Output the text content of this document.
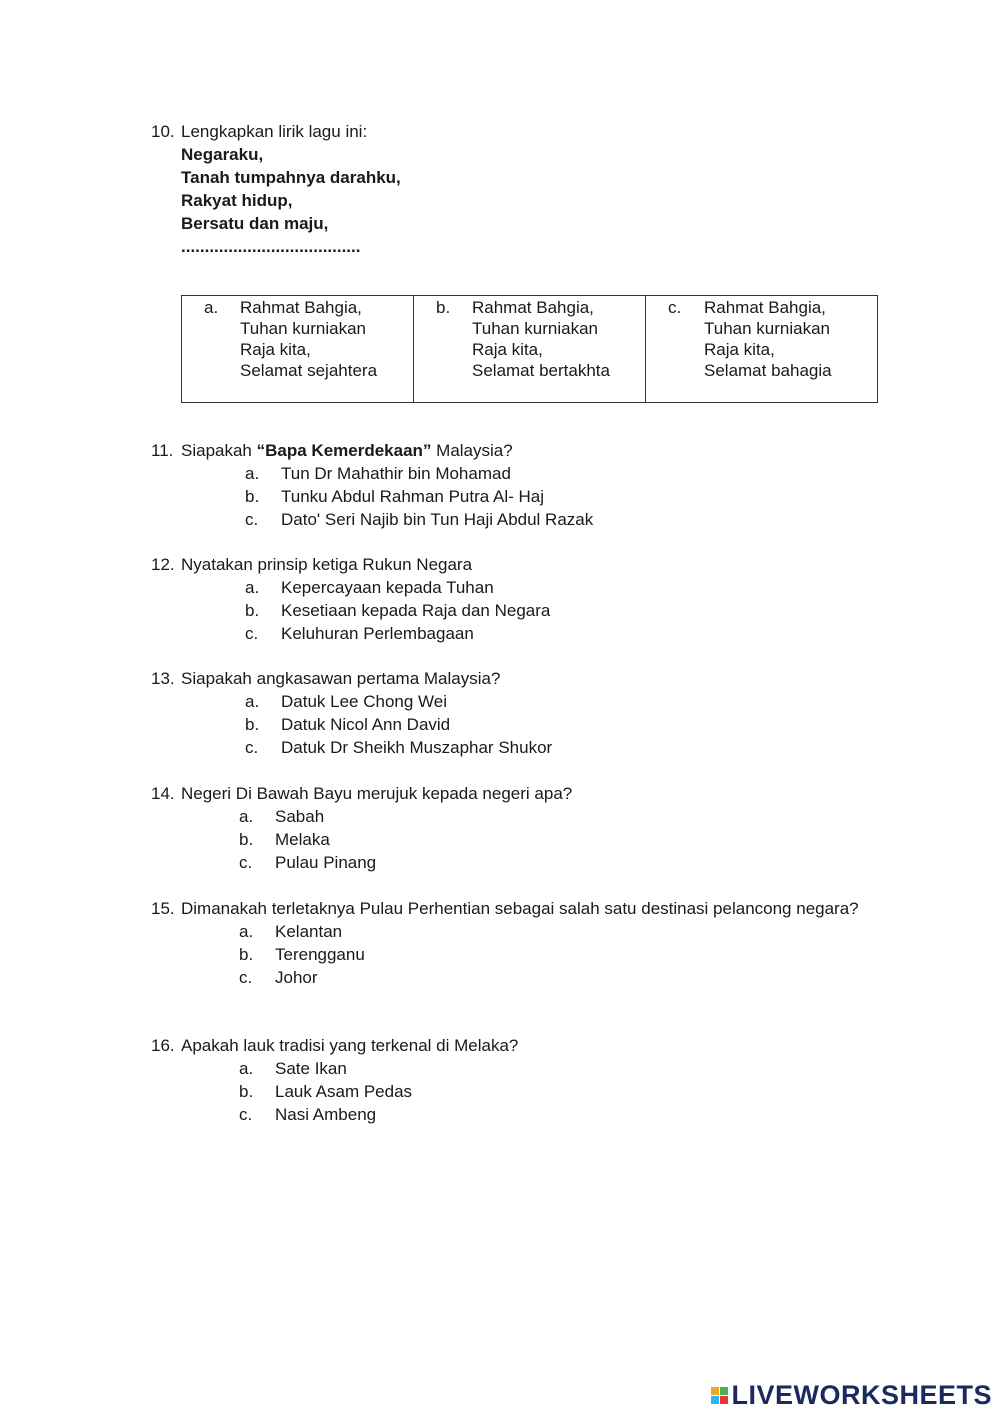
10. Lengkapkan lirik lagu ini:
Negaraku,
Tanah tumpahnya darahku,
Rakyat hidup,
Bersatu dan maju,
......................................
a.	Rahmat Bahgia,
Tuhan kurniakan
Raja kita,
Selamat sejahtera

b.	Rahmat Bahgia,
Tuhan kurniakan
Raja kita,
Selamat bertakhta

c.	Rahmat Bahgia,
Tuhan kurniakan
Raja kita,
Selamat bahagia
11. Siapakah “Bapa Kemerdekaan” Malaysia?
a.	Tun Dr Mahathir bin Mohamad
b.	Tunku Abdul Rahman Putra Al- Haj
c.	Dato' Seri Najib bin Tun Haji Abdul Razak
12. Nyatakan prinsip ketiga Rukun Negara
a.	Kepercayaan kepada Tuhan
b.	Kesetiaan kepada Raja dan Negara
c.	Keluhuran Perlembagaan
13. Siapakah angkasawan pertama Malaysia?
a.	Datuk Lee Chong Wei
b.	Datuk Nicol Ann David
c.	Datuk Dr Sheikh Muszaphar Shukor
14. Negeri Di Bawah Bayu merujuk kepada negeri apa?
a.	Sabah
b.	Melaka
c.	Pulau Pinang
15. Dimanakah terletaknya Pulau Perhentian sebagai salah satu destinasi pelancong negara?
a.	Kelantan
b.	Terengganu
c.	Johor
16. Apakah lauk tradisi yang terkenal di Melaka?
a.	Sate Ikan
b.	Lauk Asam Pedas
c.	Nasi Ambeng
LIVEWORKSHEETS
